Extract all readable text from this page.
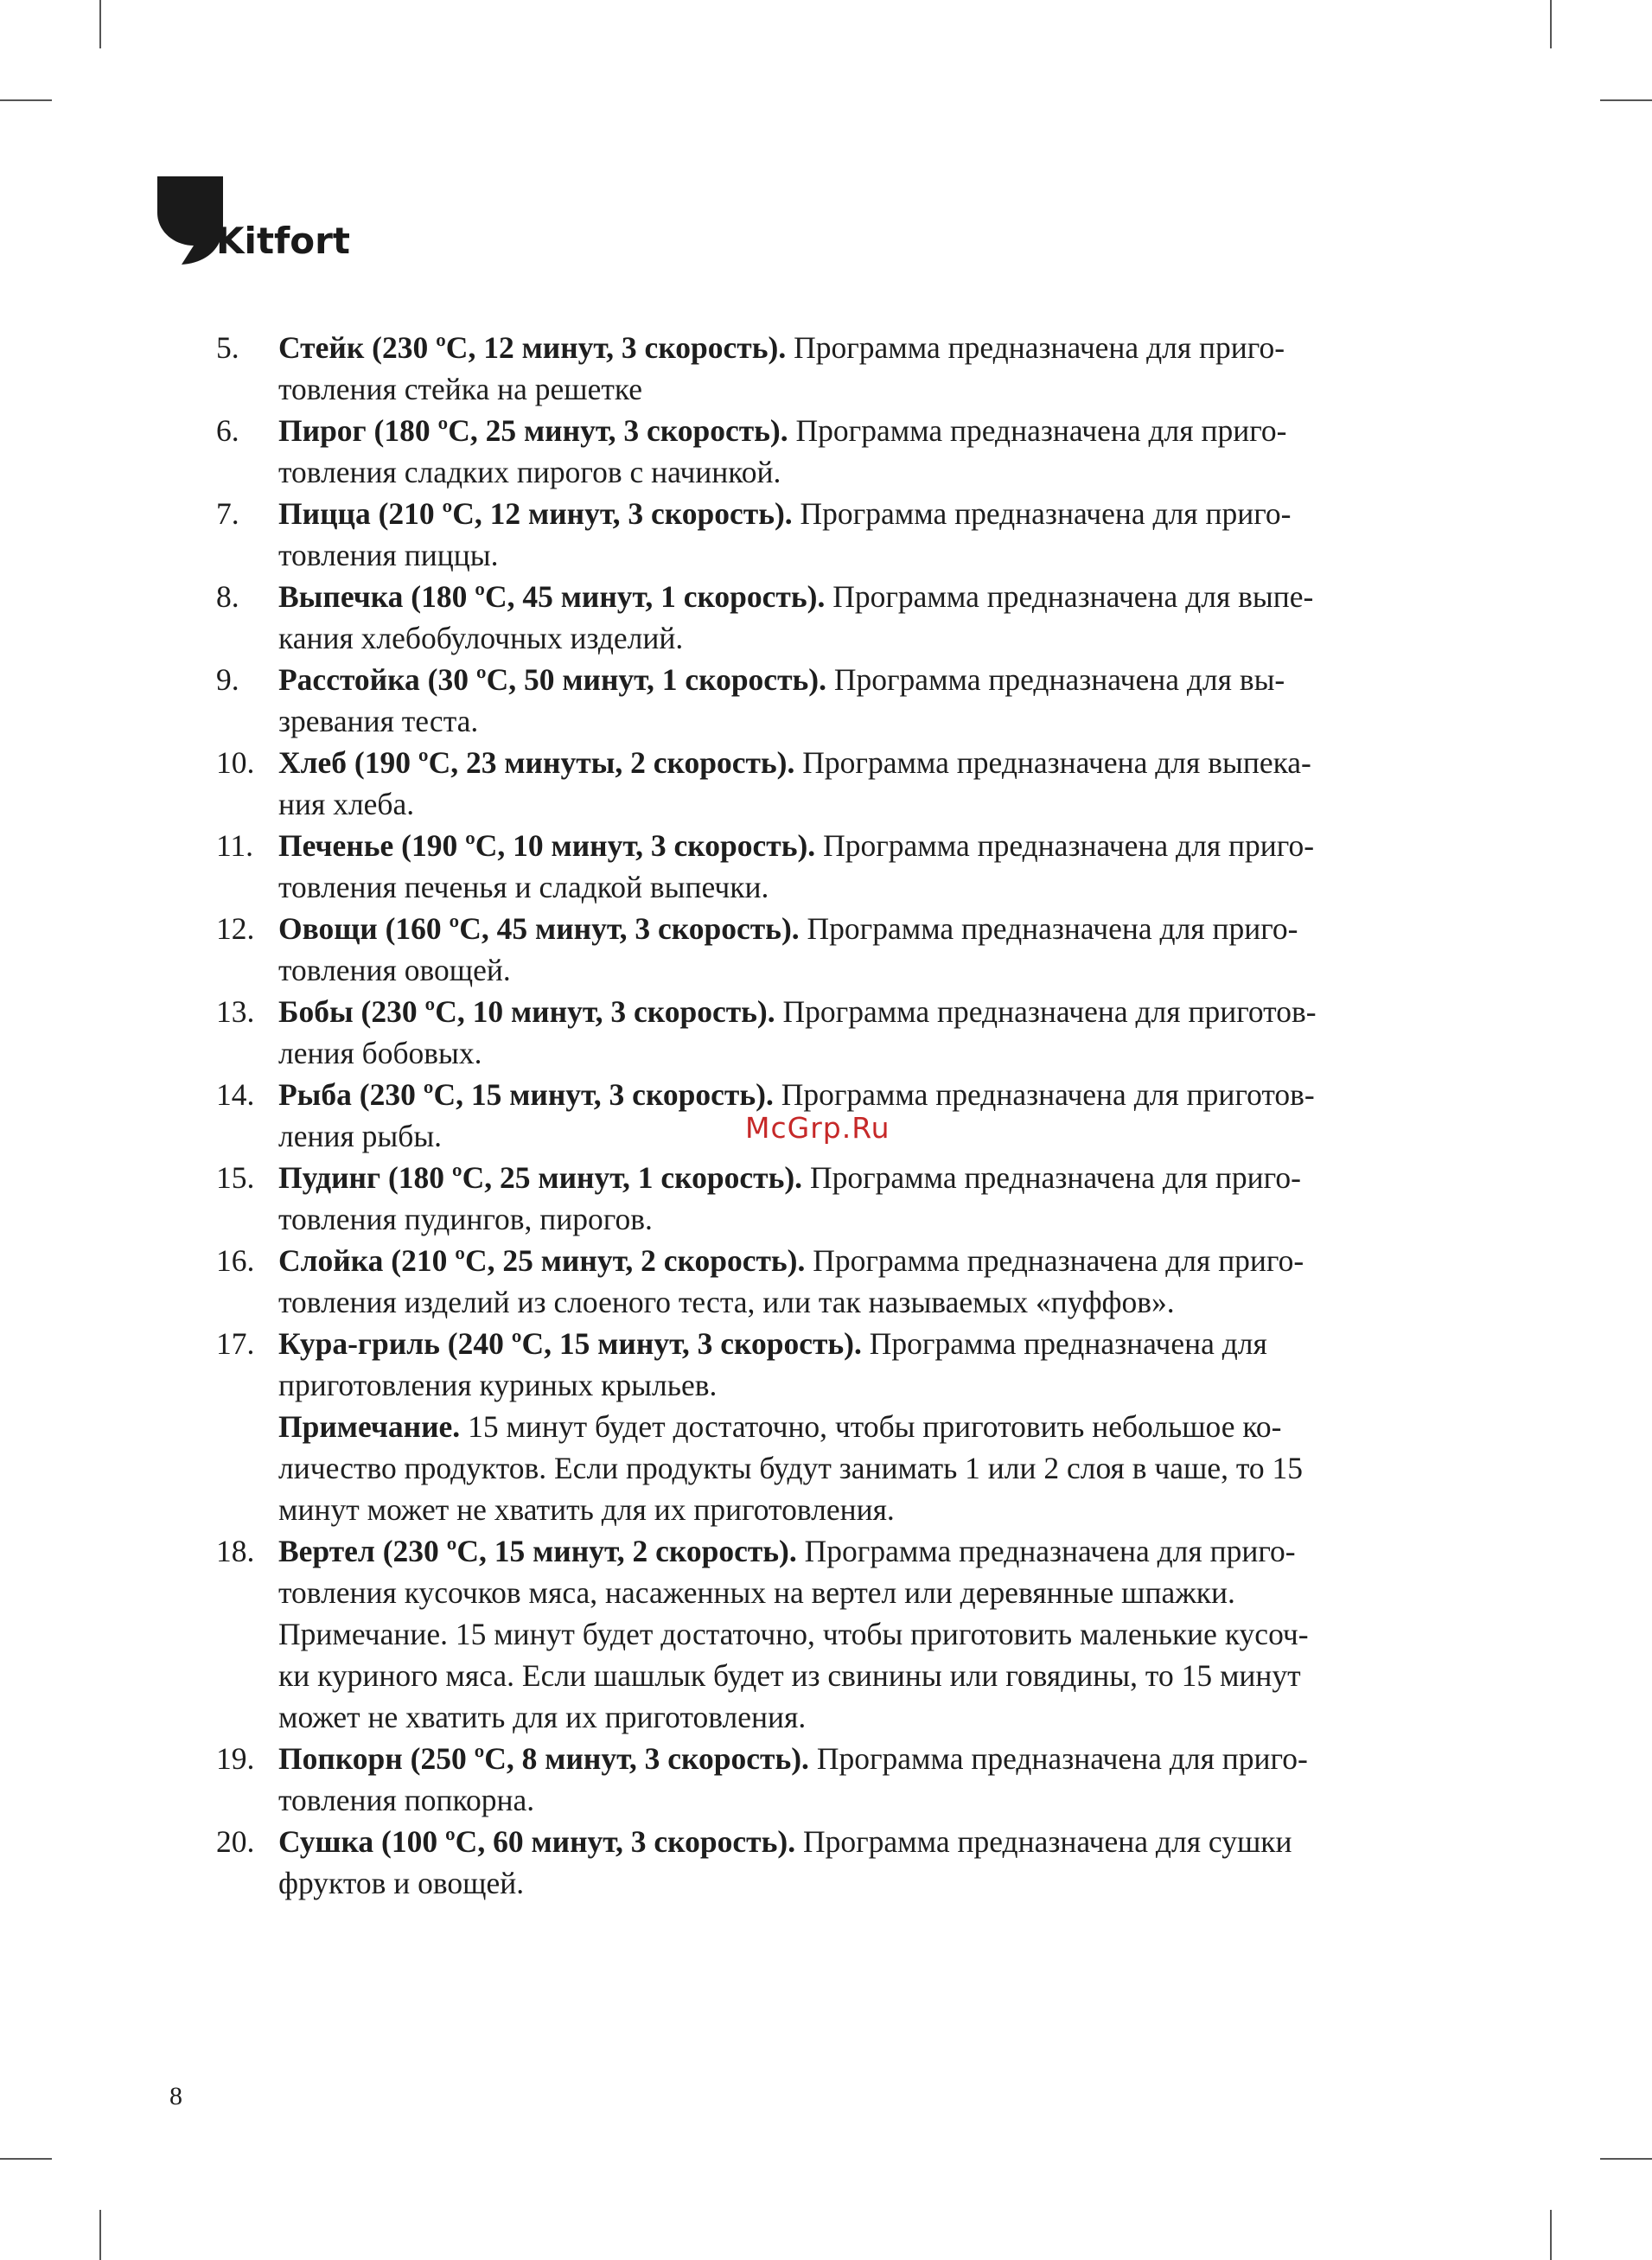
Kitfort
5.	Стейк (230 ºC, 12 минут, 3 скорость). Программа предназначена для приго-
товления стейка на решетке

6.	Пирог (180 ºC, 25 минут, 3 скорость). Программа предназначена для приго-
товления сладких пирогов с начинкой.

7.	Пицца (210 ºC, 12 минут, 3 скорость). Программа предназначена для приго-
товления пиццы.

8.	Выпечка (180 ºC, 45 минут, 1 скорость). Программа предназначена для выпе-
кания хлебобулочных изделий.

9.	Расстойка (30 ºC, 50 минут, 1 скорость). Программа предназначена для вы-
зревания теста.

10. Хлеб (190 ºC, 23 минуты, 2 скорость). Программа предназначена для выпека-
ния хлеба.

11. Печенье (190 ºC, 10 минут, 3 скорость). Программа предназначена для приго-
товления печенья и сладкой выпечки.

12. Овощи (160 ºC, 45 минут, 3 скорость). Программа предназначена для приго-
товления овощей.

13. Бобы (230 ºC, 10 минут, 3 скорость). Программа предназначена для приготов-
ления бобовых.

14. Рыба (230 ºC, 15 минут, 3 скорость). Программа предназначена для приготов-
ления рыбы.

15. Пудинг (180 ºC, 25 минут, 1 скорость). Программа предназначена для приго-
товления пудингов, пирогов.

16. Слойка (210 ºC, 25 минут, 2 скорость). Программа предназначена для приго-
товления изделий из слоеного теста, или так называемых «пуффов».

17. Кура-гриль (240 ºC, 15 минут, 3 скорость). Программа предназначена для
приготовления куриных крыльев.
Примечание. 15 минут будет достаточно, чтобы приготовить небольшое ко-
личество продуктов. Если продукты будут занимать 1 или 2 слоя в чаше, то 15
минут может не хватить для их приготовления.

18. Вертел (230 ºC, 15 минут, 2 скорость). Программа предназначена для приго-
товления кусочков мяса, насаженных на вертел или деревянные шпажки.
Примечание. 15 минут будет достаточно, чтобы приготовить маленькие кусоч-
ки куриного мяса. Если шашлык будет из свинины или говядины, то 15 минут
может не хватить для их приготовления.

19. Попкорн (250 ºC, 8 минут, 3 скорость). Программа предназначена для приго-
товления попкорна.

20. Сушка (100 ºC, 60 минут, 3 скорость). Программа предназначена для сушки
фруктов и овощей.

McGrp.Ru
8
